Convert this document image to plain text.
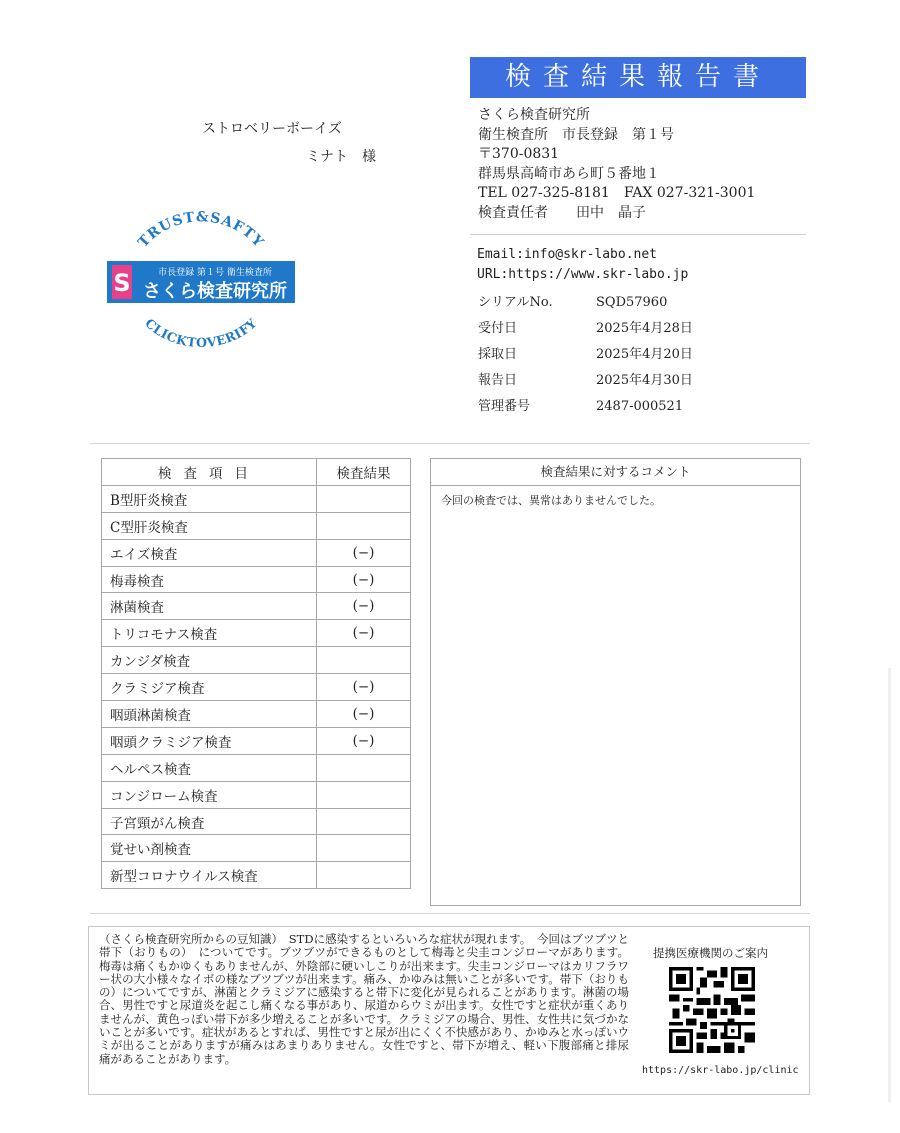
検査結果報告書
ストロベリーボーイズ
ミナト　様
TRUST&SAFTY
S	市長登録 第１号 衛生検査所
さくら検査研究所
CLICKTOVERIFY
さくら検査研究所
衛生検査所　市長登録　第１号
〒370-0831
群馬県高崎市あら町５番地１
TEL 027-325-8181　FAX 027-321-3001
検査責任者　　田中　晶子
Email:info@skr-labo.net
URL:https://www.skr-labo.jp
シリアルNo.	SQD57960
受付日	2025年4月28日
採取日	2025年4月20日
報告日	2025年4月30日
管理番号	2487-000521
検査項目	検査結果
B型肝炎検査	
C型肝炎検査	
エイズ検査	(−)
梅毒検査	(−)
淋菌検査	(−)
トリコモナス検査	(−)
カンジダ検査	
クラミジア検査	(−)
咽頭淋菌検査	(−)
咽頭クラミジア検査	(−)
ヘルペス検査	
コンジローム検査	
子宮頸がん検査	
覚せい剤検査	
新型コロナウイルス検査	
検査結果に対するコメント
今回の検査では、異常はありませんでした。
（さくら検査研究所からの豆知識）　STDに感染するといろいろな症状が現れます。　今回はブツブツと帯下（おりもの）　についてです。ブツブツができるものとして梅毒と尖圭コンジローマがあります。梅毒は痛くもかゆくもありませんが、外陰部に硬いしこりが出来ます。尖圭コンジローマはカリフラワー状の大小様々なイボの様なブツブツが出来ます。痛み、かゆみは無いことが多いです。帯下（おりもの）についてですが、淋菌とクラミジアに感染すると帯下に変化が見られることがあります。淋菌の場合、男性ですと尿道炎を起こし痛くなる事があり、尿道からウミが出ます。女性ですと症状が重くありませんが、黄色っぽい帯下が多少増えることが多いです。クラミジアの場合、男性、女性共に気づかないことが多いです。症状があるとすれば、男性ですと尿が出にくく不快感があり、かゆみと水っぽいウミが出ることがありますが痛みはあまりありません。女性ですと、帯下が増え、軽い下腹部痛と排尿痛があることがあります。
提携医療機関のご案内
https://skr-labo.jp/clinic
